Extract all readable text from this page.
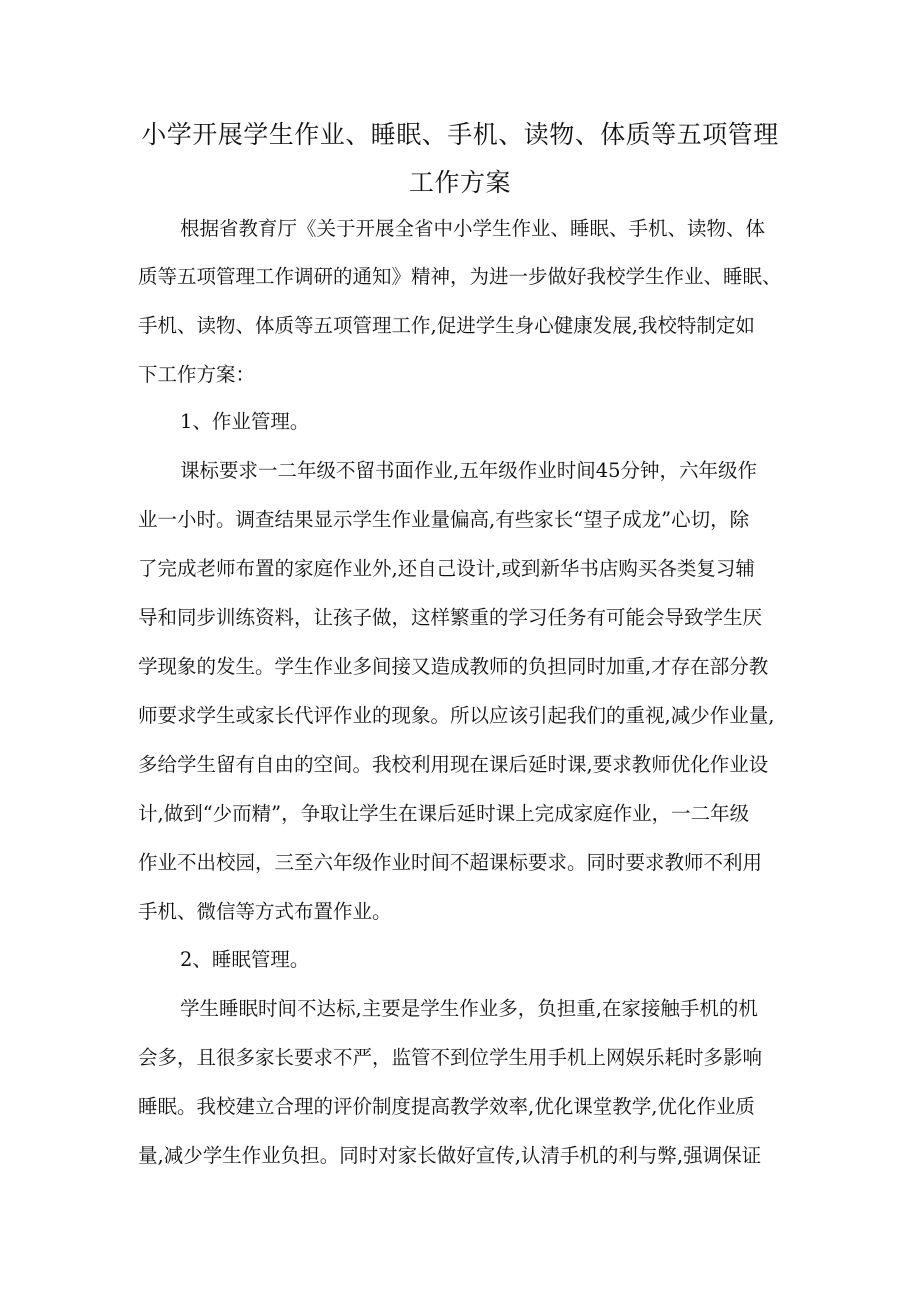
小学开展学生作业、睡眠、手机、读物、体质等五项管理
工作方案
根据省教育厅《关于开展全省中小学生作业、睡眠、手机、读物、体
质等五项管理工作调研的通知》精神，为进一步做好我校学生作业、睡眠、
手机、读物、体质等五项管理工作,促进学生身心健康发展,我校特制定如
下工作方案：
1、作业管理。
课标要求一二年级不留书面作业,五年级作业时间45分钟，六年级作
业一小时。调查结果显示学生作业量偏高,有些家长“望子成龙”心切，除
了完成老师布置的家庭作业外,还自己设计,或到新华书店购买各类复习辅
导和同步训练资料，让孩子做，这样繁重的学习任务有可能会导致学生厌
学现象的发生。学生作业多间接又造成教师的负担同时加重,才存在部分教
师要求学生或家长代评作业的现象。所以应该引起我们的重视,减少作业量,
多给学生留有自由的空间。我校利用现在课后延时课,要求教师优化作业设
计,做到“少而精”，争取让学生在课后延时课上完成家庭作业，一二年级
作业不出校园，三至六年级作业时间不超课标要求。同时要求教师不利用
手机、微信等方式布置作业。
2、睡眠管理。
学生睡眠时间不达标,主要是学生作业多，负担重,在家接触手机的机
会多，且很多家长要求不严，监管不到位学生用手机上网娱乐耗时多影响
睡眠。我校建立合理的评价制度提高教学效率,优化课堂教学,优化作业质
量,减少学生作业负担。同时对家长做好宣传,认清手机的利与弊,强调保证
